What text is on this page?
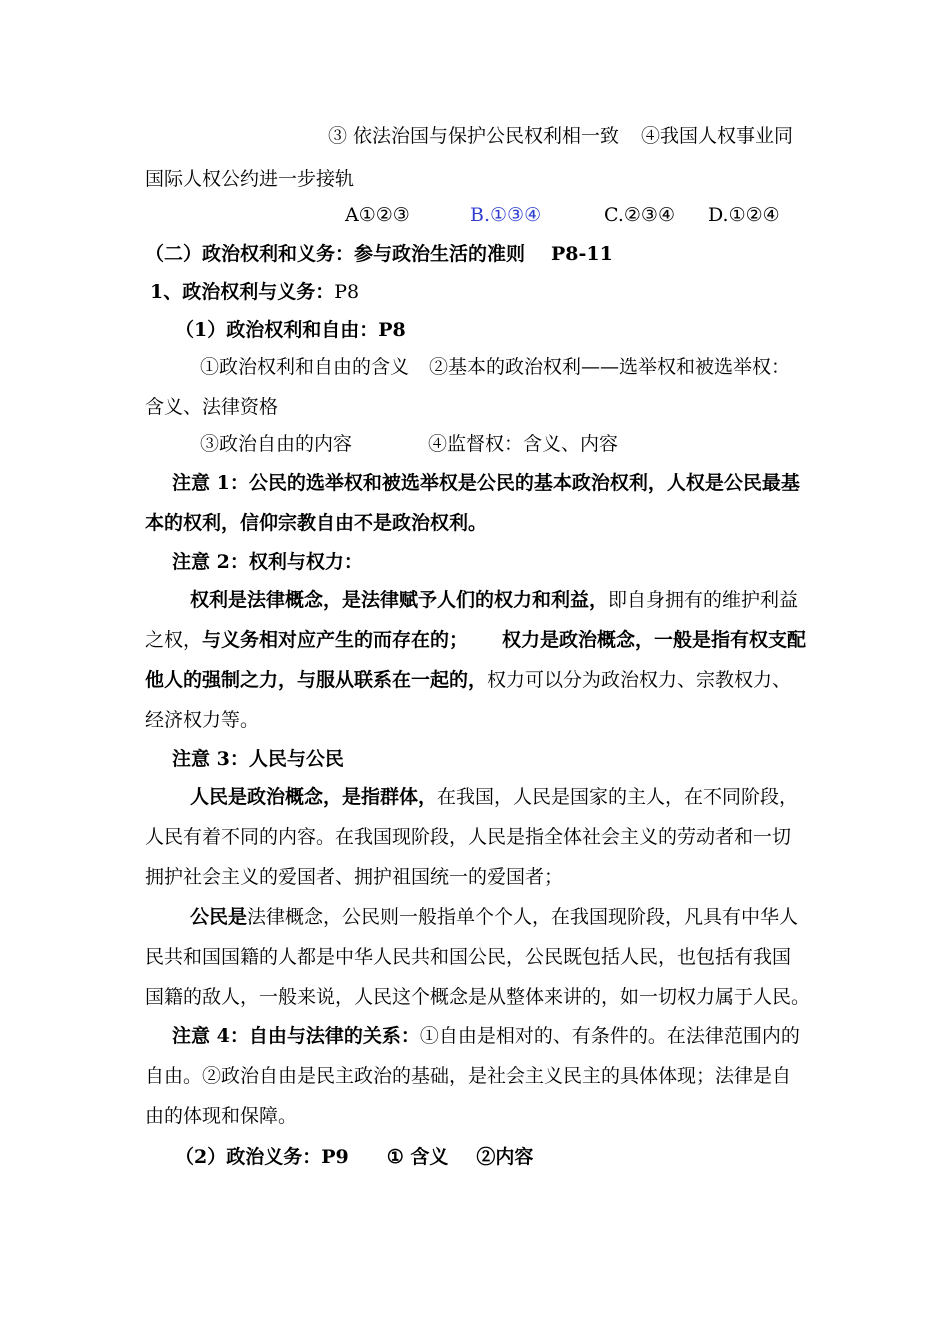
③ 依法治国与保护公民权利相一致 ④我国人权事业同
国际人权公约进一步接轨
A①②③	B.①③④	C.②③④ D.①②④
（二）政治权利和义务：参与政治生活的准则 P8-11
1、政治权利与义务：P8
（1）政治权利和自由：P8
①政治权利和自由的含义 ②基本的政治权利——选举权和被选举权：
含义、法律资格
③政治自由的内容	④监督权：含义、内容
注意 1：公民的选举权和被选举权是公民的基本政治权利，人权是公民最基
本的权利，信仰宗教自由不是政治权利。
注意 2：权利与权力：
权利是法律概念，是法律赋予人们的权力和利益，即自身拥有的维护利益
之权，与义务相对应产生的而存在的； 权力是政治概念，一般是指有权支配
他人的强制之力，与服从联系在一起的，权力可以分为政治权力、宗教权力、
经济权力等。
注意 3：人民与公民
人民是政治概念，是指群体，在我国，人民是国家的主人，在不同阶段，
人民有着不同的内容。在我国现阶段，人民是指全体社会主义的劳动者和一切
拥护社会主义的爱国者、拥护祖国统一的爱国者；
公民是法律概念，公民则一般指单个个人，在我国现阶段，凡具有中华人
民共和国国籍的人都是中华人民共和国公民，公民既包括人民，也包括有我国
国籍的敌人，一般来说，人民这个概念是从整体来讲的，如一切权力属于人民。
注意 4：自由与法律的关系：①自由是相对的、有条件的。在法律范围内的
自由。②政治自由是民主政治的基础，是社会主义民主的具体体现；法律是自
由的体现和保障。
（2）政治义务：P9 ① 含义 ②内容
